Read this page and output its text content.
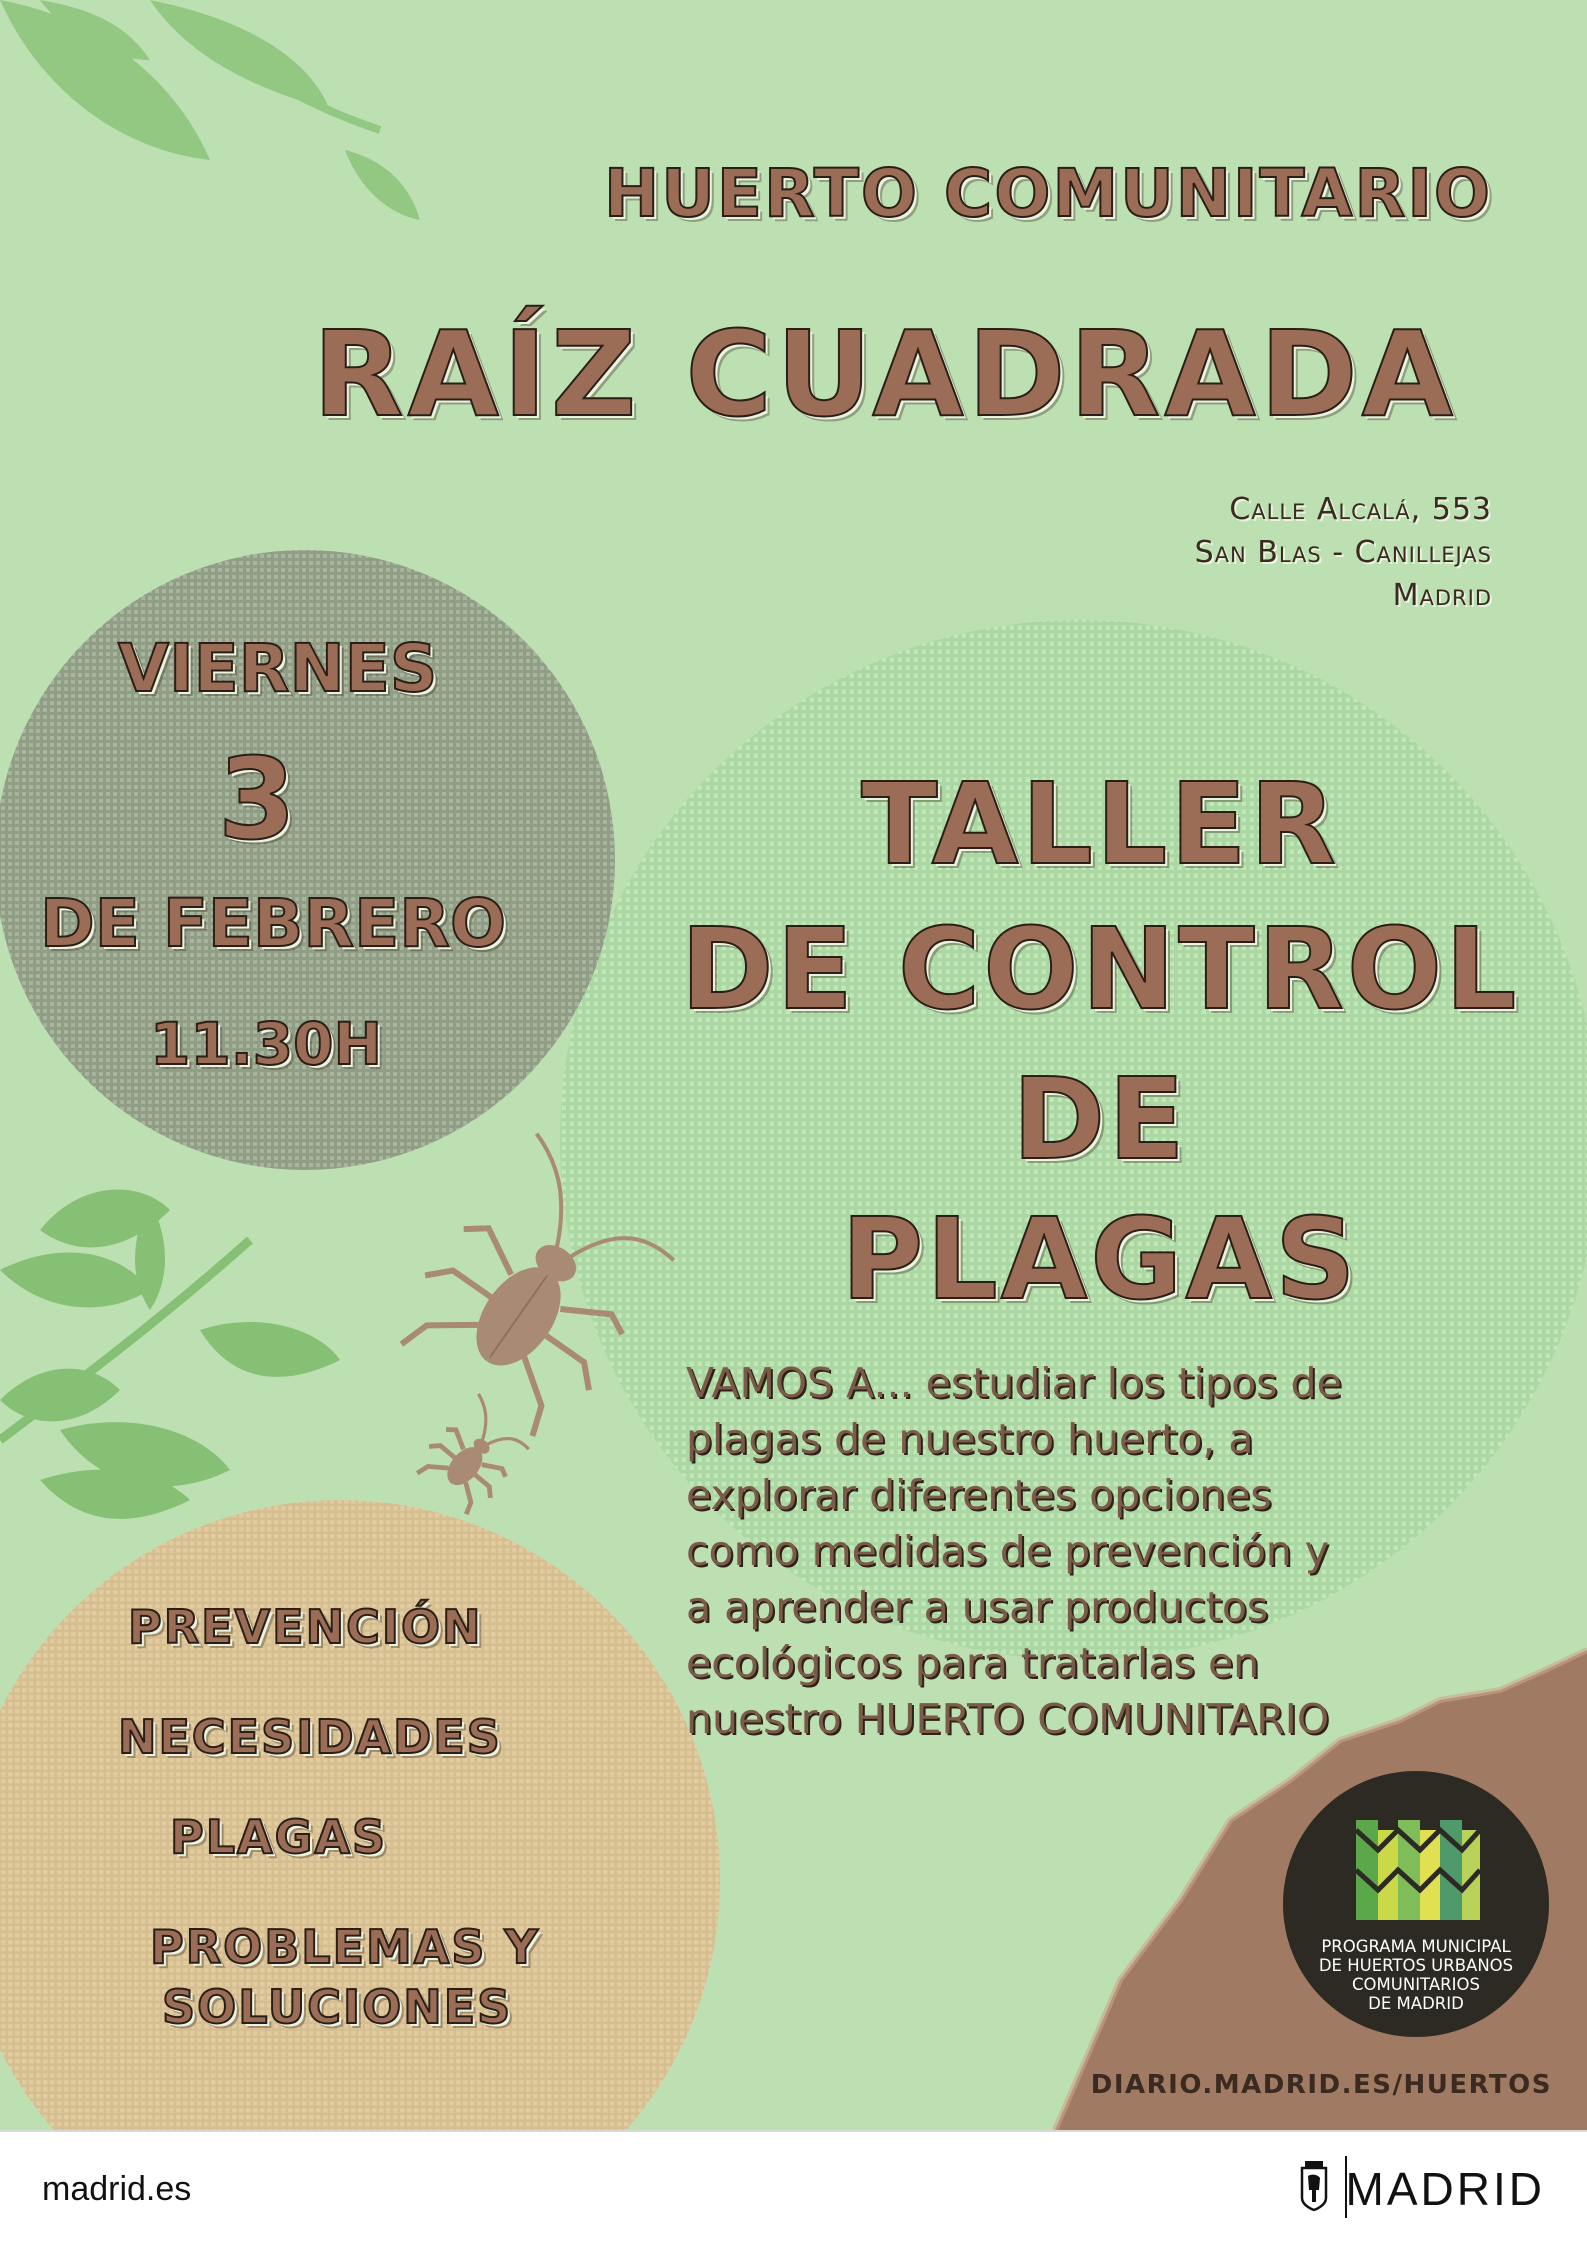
HUERTO COMUNITARIO
RAÍZ CUADRADA
Calle Alcalá, 553
San Blas - Canillejas
Madrid
VIERNES
3
DE FEBRERO
11.30H
TALLER
DE CONTROL
DE
PLAGAS
VAMOS A... estudiar los tipos de plagas de nuestro huerto, a explorar diferentes opciones como medidas de prevención y a aprender a usar productos ecológicos para tratarlas en nuestro HUERTO COMUNITARIO
PREVENCIÓN
NECESIDADES
PLAGAS
PROBLEMAS Y
SOLUCIONES
PROGRAMA MUNICIPAL
DE HUERTOS URBANOS
COMUNITARIOS
DE MADRID
DIARIO.MADRID.ES/HUERTOS
madrid.es	MADRID
